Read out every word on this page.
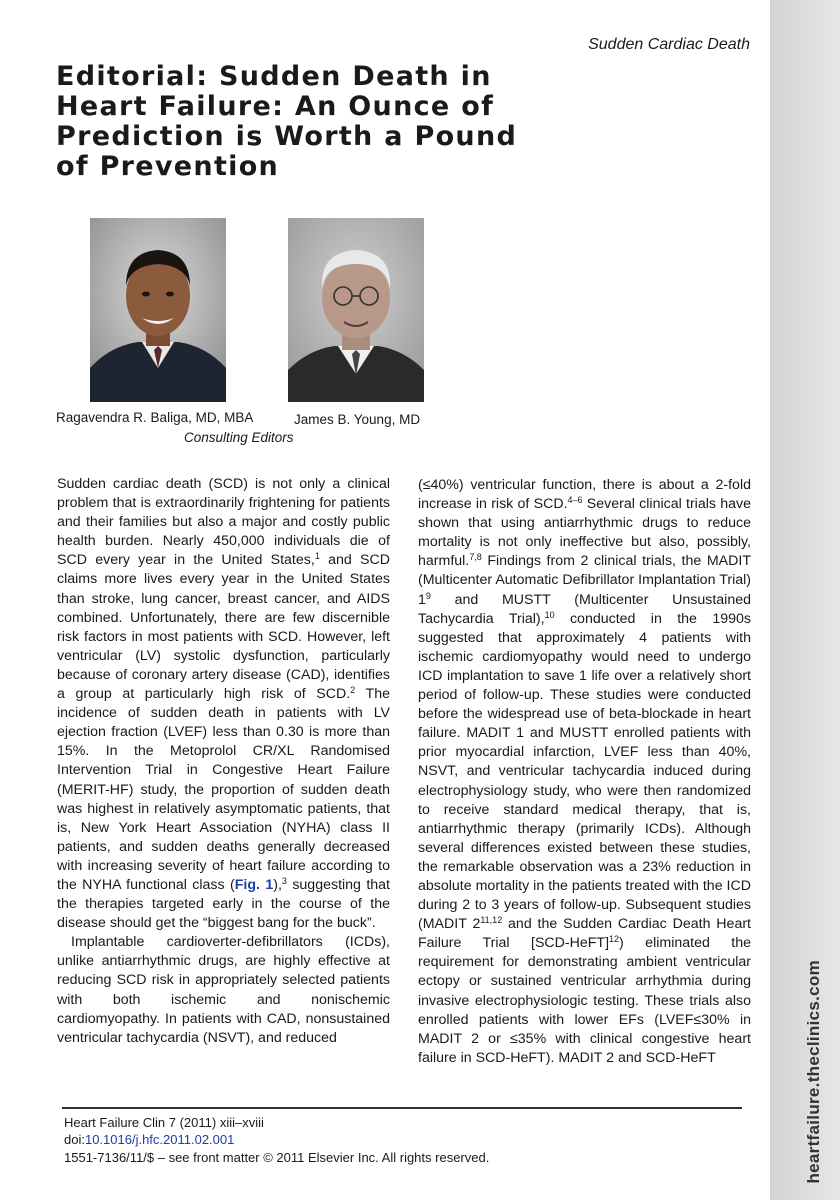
heartfailure.theclinics.com
Sudden Cardiac Death
Editorial: Sudden Death in Heart Failure: An Ounce of Prediction is Worth a Pound of Prevention
Ragavendra R. Baliga, MD, MBA	James B. Young, MD
Consulting Editors

Sudden cardiac death (SCD) is not only a clinical problem that is extraordinarily frightening for patients and their families but also a major and costly public health burden. Nearly 450,000 individuals die of SCD every year in the United States,$^1$ and SCD claims more lives every year in the United States than stroke, lung cancer, breast cancer, and AIDS combined. Unfortunately, there are few discernible risk factors in most patients with SCD. However, left ventricular (LV) systolic dysfunction, particularly because of coronary artery disease (CAD), identifies a group at particularly high risk of SCD.$^2$ The incidence of sudden death in patients with LV ejection fraction (LVEF) less than 0.30 is more than 15%. In the Metoprolol CR/XL Randomised Intervention Trial in Congestive Heart Failure (MERIT-HF) study, the proportion of sudden death was highest in relatively asymptomatic patients, that is, New York Heart Association (NYHA) class II patients, and sudden deaths generally decreased with increasing severity of heart failure according to the NYHA functional class (Fig. 1),$^3$ suggesting that the therapies targeted early in the course of the disease should get the “biggest bang for the buck”.

Implantable cardioverter-defibrillators (ICDs), unlike antiarrhythmic drugs, are highly effective at reducing SCD risk in appropriately selected patients with both ischemic and nonischemic cardiomyopathy. In patients with CAD, nonsustained ventricular tachycardia (NSVT), and reduced

(≤40%) ventricular function, there is about a 2-fold increase in risk of SCD.$^{4-6}$ Several clinical trials have shown that using antiarrhythmic drugs to reduce mortality is not only ineffective but also, possibly, harmful.$^{7,8}$ Findings from 2 clinical trials, the MADIT (Multicenter Automatic Defibrillator Implantation Trial) $1^9$ and MUSTT (Multicenter Unsustained Tachycardia Trial),$^{10}$ conducted in the 1990s suggested that approximately 4 patients with ischemic cardiomyopathy would need to undergo ICD implantation to save 1 life over a relatively short period of follow-up. These studies were conducted before the widespread use of beta-blockade in heart failure. MADIT 1 and MUSTT enrolled patients with prior myocardial infarction, LVEF less than 40%, NSVT, and ventricular tachycardia induced during electrophysiology study, who were then randomized to receive standard medical therapy, that is, antiarrhythmic therapy (primarily ICDs). Although several differences existed between these studies, the remarkable observation was a 23% reduction in absolute mortality in the patients treated with the ICD during 2 to 3 years of follow-up. Subsequent studies (MADIT 2$^{11,12}$ and the Sudden Cardiac Death Heart Failure Trial [SCD-HeFT]$^{12}$) eliminated the requirement for demonstrating ambient ventricular ectopy or sustained ventricular arrhythmia during invasive electrophysiologic testing. These trials also enrolled patients with lower EFs (LVEF≤30% in MADIT 2 or ≤35% with clinical congestive heart failure in SCD-HeFT). MADIT 2 and SCD-HeFT

Heart Failure Clin 7 (2011) xiii–xviii
doi:10.1016/j.hfc.2011.02.001
1551-7136/11/$ – see front matter © 2011 Elsevier Inc. All rights reserved.
